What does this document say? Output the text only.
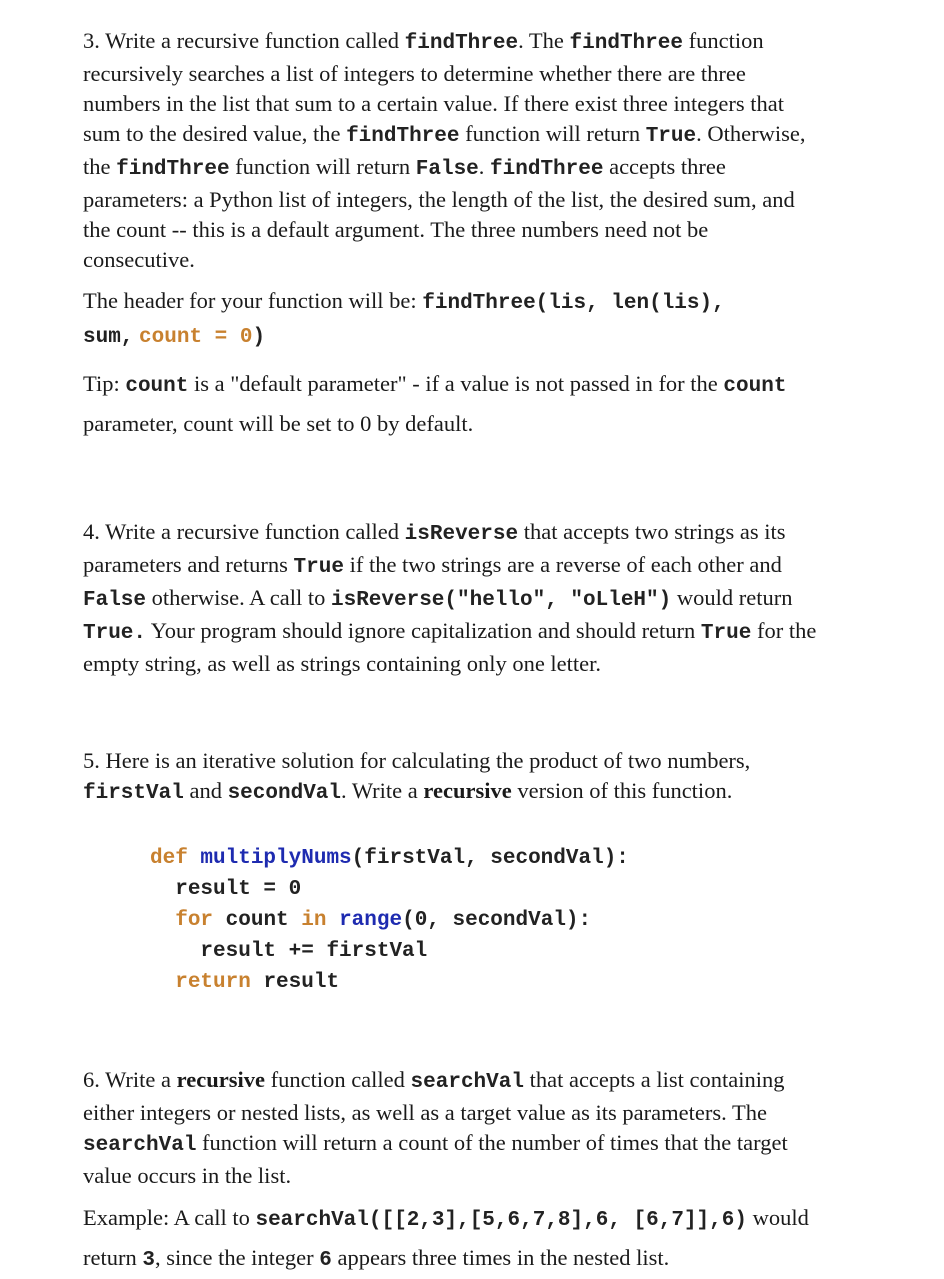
3. Write a recursive function called findThree. The findThree function recursively searches a list of integers to determine whether there are three numbers in the list that sum to a certain value. If there exist three integers that sum to the desired value, the findThree function will return True. Otherwise, the findThree function will return False. findThree accepts three parameters: a Python list of integers, the length of the list, the desired sum, and the count -- this is a default argument. The three numbers need not be consecutive.

The header for your function will be: findThree(lis, len(lis),
sum, count = 0)

Tip: count is a "default parameter" - if a value is not passed in for the count parameter, count will be set to 0 by default.

4. Write a recursive function called isReverse that accepts two strings as its parameters and returns True if the two strings are a reverse of each other and False otherwise. A call to isReverse("hello", "oLleH") would return True. Your program should ignore capitalization and should return True for the empty string, as well as strings containing only one letter.

5. Here is an iterative solution for calculating the product of two numbers, firstVal and secondVal. Write a recursive version of this function.

def multiplyNums(firstVal, secondVal):
result = 0
for count in range(0, secondVal):
result += firstVal
return result

6. Write a recursive function called searchVal that accepts a list containing either integers or nested lists, as well as a target value as its parameters. The searchVal function will return a count of the number of times that the target value occurs in the list.

Example: A call to searchVal([[2,3],[5,6,7,8],6, [6,7]],6) would return 3, since the integer 6 appears three times in the nested list.
